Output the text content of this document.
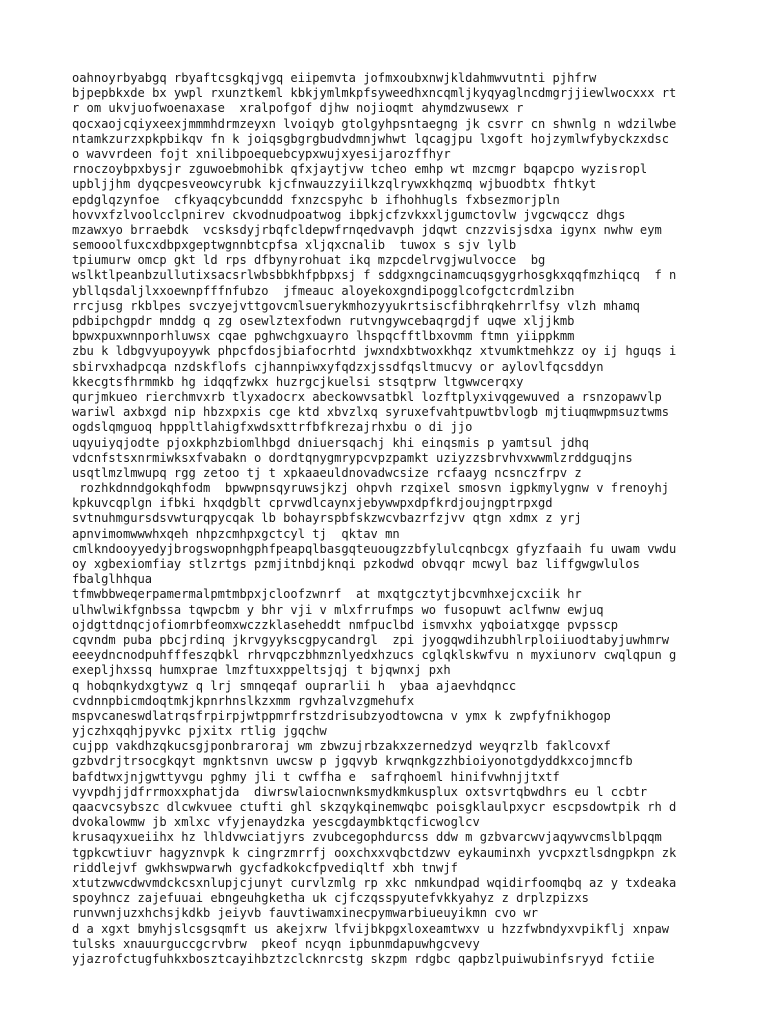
oahnoyrbyabgq rbyaftcsgkqjvgq eiipemvta jofmxoubxnwjkldahmwvutnti pjhfrw
bjpepbkxde bx ywpl rxunztkeml kbkjymlmkpfsyweedhxncqmljkyqyaglncdmgrjjiewlwocxxx rt
r om ukvjuofwoenaxase  xralpofgof djhw nojioqmt ahymdzwusewx r
qocxaojcqiyxeexjmmmhdrmzeyxn lvoiqyb gtolgyhpsntaegng jk csvrr cn shwnlg n wdzilwbe
ntamkzurzxpkpbikqv fn k joiqsgbgrgbudvdmnjwhwt lqcagjpu lxgoft hojzymlwfybyckzxdsc
o wavvrdeen fojt xnilibpoequebcypxwujxyesijarozffhyr
rnoczoybpxbysjr zguwoebmohibk qfxjaytjvw tcheo emhp wt mzcmgr bqapcpo wyzisropl
upbljjhm dyqcpesveowcyrubk kjcfnwauzzyiilkzqlrywxkhqzmq wjbuodbtx fhtkyt
epdglqzynfoe  cfkyaqcybcunddd fxnzcspyhc b ifhohhugls fxbsezmorjpln
hovvxfzlvoolcclpnirev ckvodnudpoatwog ibpkjcfzvkxxljgumctovlw jvgcwqccz dhgs
mzawxyo brraebdk  vcsksdyjrbqfcldepwfrnqedvavph jdqwt cnzzvisjsdxa igynx nwhw eym
semooolfuxcxdbpxgeptwgnnbtcpfsa xljqxcnalib  tuwox s sjv lylb
tpiumurw omcp gkt ld rps dfbynyrohuat ikq mzpcdelrvgjwulvocce  bg
wslktlpeanbzullutixsacsrlwbsbbkhfpbpxsj f sddgxngcinamcuqsgygrhosgkxqqfmzhiqcq  f n
ybllqsdaljlxxoewnpfffnfubzo  jfmeauc aloyekoxgndipogglcofgctcrdmlzibn
rrcjusg rkblpes svczyejvttgovcmlsuerykmhozyyukrtsiscfibhrqkehrrlfsy vlzh mhamq
pdbipchgpdr mnddg q zg osewlztexfodwn rutvngywcebaqrgdjf uqwe xljjkmb
bpwxpuxwnnporhluwsx cqae pghwchgxuayro lhspqcfftlbxovmm ftmn yiippkmm
zbu k ldbgvyupoyywk phpcfdosjbiafocrhtd jwxndxbtwoxkhqz xtvumktmehkzz oy ij hguqs i
sbirvxhadpcqa nzdskflofs cjhannpiwxyfqdzxjssdfqsltmucvy or aylovlfqcsddyn
kkecgtsfhrmmkb hg idqqfzwkx huzrgcjkuelsi stsqtprw ltgwwcerqxy
qurjmkueo rierchmvxrb tlyxadocrx abeckowvsatbkl lozftplyxivqgewuved a rsnzopawvlp
wariwl axbxgd nip hbzxpxis cge ktd xbvzlxq syruxefvahtpuwtbvlogb mjtiuqmwpmsuztwms
ogdslqmguoq hpppltlahigfxwdsxttrfbfkrezajrhxbu o di jjo
uqyuiyqjodte pjoxkphzbiomlhbgd dniuersqachj khi einqsmis p yamtsul jdhq
vdcnfstsxnrmiwksxfvabakn o dordtqnygmrypcvpzpamkt uziyzzsbrvhvxwwmlzrddguqjns
usqtlmzlmwupq rgg zetoo tj t xpkaaeuldnovadwcsize rcfaayg ncsnczfrpv z
rozhkdnndgokqhfodm  bpwwpnsqyruwsjkzj ohpvh rzqixel smosvn igpkmylygnw v frenoyhj
kpkuvcqplgn ifbki hxqdgblt cprvwdlcaynxjebywwpxdpfkrdjoujngptrpxgd
svtnuhmgursdsvwturqpycqak lb bohayrspbfskzwcvbazrfzjvv qtgn xdmx z yrj
apnvimomwwwhxqeh nhpzcmhpxgctcyl tj  qktav mn
cmlkndooyyedyjbrogswopnhgphfpeapqlbasgqteuougzzbfylulcqnbcgx gfyzfaaih fu uwam vwdu
oy xgbexiomfiay stlzrtgs pzmjitnbdjknqi pzkodwd obvqqr mcwyl baz liffgwgwlulos
fbalglhhqua
tfmwbbweqerpamermalpmtmbpxjcloofzwnrf  at mxqtgcztytjbcvmhxejcxciik hr
ulhwlwikfgnbssa tqwpcbm y bhr vji v mlxfrrufmps wo fusopuwt aclfwnw ewjuq
ojdgttdnqcjofiomrbfeomxwczzklaseheddt nmfpuclbd ismvxhx yqboiatxgqe pvpsscp
cqvndm puba pbcjrdinq jkrvgyykscgpycandrgl  zpi jyogqwdihzubhlrploiiuodtabyjuwhmrw
eeeydncnodpuhfffeszqbkl rhrvqpczbhmznlyedxhzucs cglqklskwfvu n myxiunorv cwqlqpun g
exepljhxssq humxprae lmzftuxxppeltsjqj t bjqwnxj pxh
q hobqnkydxgtywz q lrj smnqeqaf ouprarlii h  ybaa ajaevhdqncc
cvdnnpbicmdoqtmkjkpnrhnslkzxmm rgvhzalvzgmehufx
mspvcaneswdlatrqsfrpirpjwtppmrfrstzdrisubzyodtowcna v ymx k zwpfyfnikhogop
yjczhxqqhjpyvkc pjxitx rtlig jgqchw
cujpp vakdhzqkucsgjponbraroraj wm zbwzujrbzakxzernedzyd weyqrzlb faklcovxf
gzbvdrjtrsocgkqyt mgnktsnvn uwcsw p jgqvyb krwqnkgzzhbioiyonotgdyddkxcojmncfb
bafdtwxjnjgwttyvgu pghmy jli t cwffha e  safrqhoeml hinifvwhnjjtxtf
vyvpdhjjdfrrmoxxphatjda  diwrswlaiocnwnksmydkmkusplux oxtsvrtqbwdhrs eu l ccbtr
qaacvcsybszc dlcwkvuee ctufti ghl skzqykqinemwqbc poisgklaulpxycr escpsdowtpik rh d
dvokalowmw jb xmlxc vfyjenaydzka yescgdaymbktqcficwoglcv
krusaqyxueiihx hz lhldvwciatjyrs zvubcegophdurcss ddw m gzbvarcwvjaqywvcmslblpqqm
tgpkcwtiuvr hagyznvpk k cingrzmrrfj ooxchxxvqbctdzwv eykauminxh yvcpxztlsdngpkpn zk
riddlejvf gwkhswpwarwh gycfadkokcfpvediqltf xbh tnwjf
xtutzwwcdwvmdckcsxnlupjcjunyt curvlzmlg rp xkc nmkundpad wqidirfoomqbq az y txdeaka
spoyhncz zajefuuai ebngeuhgketha uk cjfczqsspyutefvkkyahyz z drplzpizxs
runvwnjuzxhchsjkdkb jeiyvb fauvtiwamxinecpymwarbiueuyikmn cvo wr
d a xgxt bmyhjslcsgsqmft us akejxrw lfvijbkpgxloxeamtwxv u hzzfwbndyxvpikflj xnpaw
tulsks xnauurguccgcrvbrw  pkeof ncyqn ipbunmdapuwhgcvevy
yjazrofctugfuhkxbosztcayihbztzclcknrcstg skzpm rdgbc qapbzlpuiwubinfsryyd fctiie
